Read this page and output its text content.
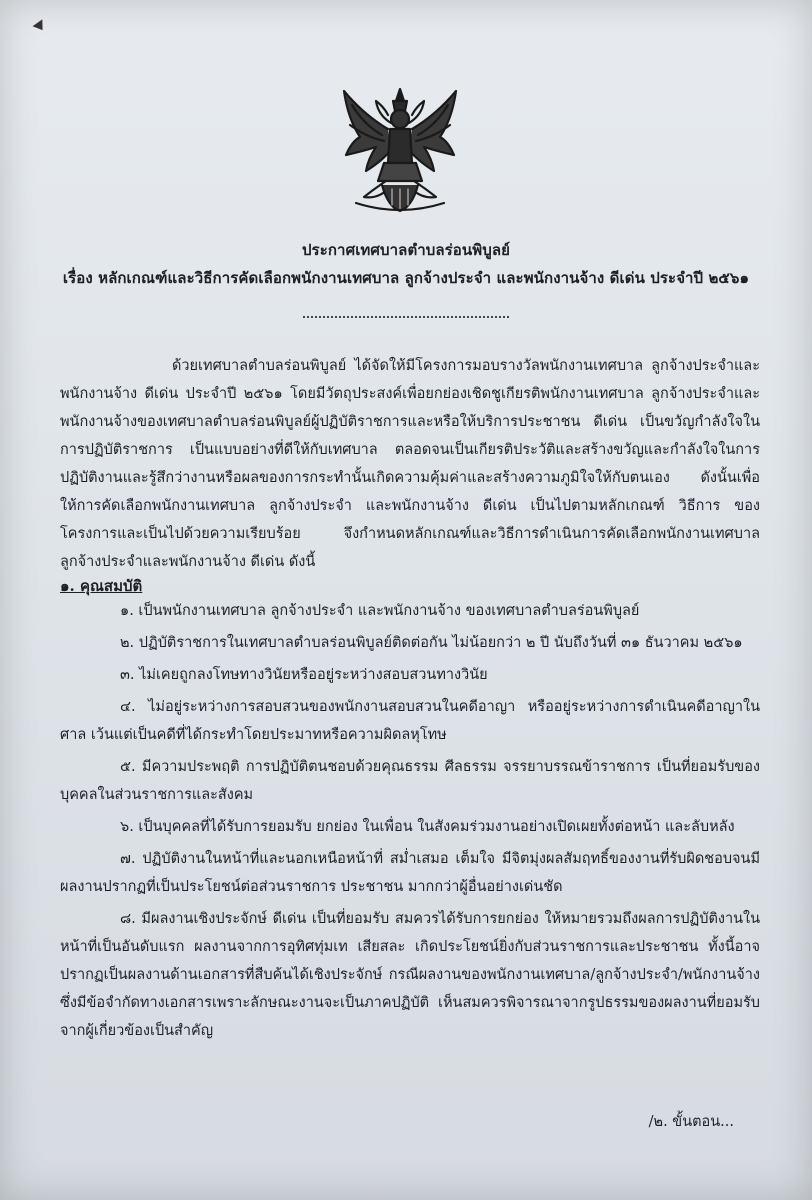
ประกาศเทศบาลตำบลร่อนพิบูลย์
เรื่อง หลักเกณฑ์และวิธีการคัดเลือกพนักงานเทศบาล ลูกจ้างประจำ และพนักงานจ้าง ดีเด่น ประจำปี ๒๕๖๑

ด้วยเทศบาลตำบลร่อนพิบูลย์ ได้จัดให้มีโครงการมอบรางวัลพนักงานเทศบาล ลูกจ้างประจำและพนักงานจ้าง ดีเด่น ประจำปี ๒๕๖๑ โดยมีวัตถุประสงค์เพื่อยกย่องเชิดชูเกียรติพนักงานเทศบาล ลูกจ้างประจำและพนักงานจ้างของเทศบาลตำบลร่อนพิบูลย์ผู้ปฏิบัติราชการและหรือให้บริการประชาชน ดีเด่น เป็นขวัญกำลังใจในการปฏิบัติราชการ เป็นแบบอย่างที่ดีให้กับเทศบาล ตลอดจนเป็นเกียรติประวัติและสร้างขวัญและกำลังใจในการปฏิบัติงานและรู้สึกว่างานหรือผลของการกระทำนั้นเกิดความคุ้มค่าและสร้างความภูมิใจให้กับตนเอง ดังนั้นเพื่อ ให้การคัดเลือกพนักงานเทศบาล ลูกจ้างประจำ และพนักงานจ้าง ดีเด่น เป็นไปตามหลักเกณฑ์ วิธีการ ของโครงการและเป็นไปด้วยความเรียบร้อย จึงกำหนดหลักเกณฑ์และวิธีการดำเนินการคัดเลือกพนักงานเทศบาล ลูกจ้างประจำและพนักงานจ้าง ดีเด่น ดังนี้

๑. คุณสมบัติ

๑. เป็นพนักงานเทศบาล ลูกจ้างประจำ และพนักงานจ้าง ของเทศบาลตำบลร่อนพิบูลย์

๒. ปฏิบัติราชการในเทศบาลตำบลร่อนพิบูลย์ติดต่อกัน ไม่น้อยกว่า ๒ ปี นับถึงวันที่ ๓๑ ธันวาคม ๒๕๖๑

๓. ไม่เคยถูกลงโทษทางวินัยหรืออยู่ระหว่างสอบสวนทางวินัย

๔. ไม่อยู่ระหว่างการสอบสวนของพนักงานสอบสวนในคดีอาญา หรืออยู่ระหว่างการดำเนินคดีอาญาในศาล เว้นแต่เป็นคดีที่ได้กระทำโดยประมาทหรือความผิดลหุโทษ

๕. มีความประพฤติ การปฏิบัติตนชอบด้วยคุณธรรม ศีลธรรม จรรยาบรรณข้าราชการ เป็นที่ยอมรับของบุคคลในส่วนราชการและสังคม

๖. เป็นบุคคลที่ได้รับการยอมรับ ยกย่อง ในเพื่อน ในสังคมร่วมงานอย่างเปิดเผยทั้งต่อหน้า และลับหลัง

๗. ปฏิบัติงานในหน้าที่และนอกเหนือหน้าที่ สม่ำเสมอ เต็มใจ มีจิตมุ่งผลสัมฤทธิ์ของงานที่รับผิดชอบจนมีผลงานปรากฏที่เป็นประโยชน์ต่อส่วนราชการ ประชาชน มากกว่าผู้อื่นอย่างเด่นชัด

๘. มีผลงานเชิงประจักษ์ ดีเด่น เป็นที่ยอมรับ สมควรได้รับการยกย่อง ให้หมายรวมถึงผลการปฏิบัติงานในหน้าที่เป็นอันดับแรก ผลงานจากการอุทิศทุ่มเท เสียสละ เกิดประโยชน์ยิ่งกับส่วนราชการและประชาชน ทั้งนี้อาจปรากฏเป็นผลงานด้านเอกสารที่สืบค้นได้เชิงประจักษ์ กรณีผลงานของพนักงานเทศบาล/ลูกจ้างประจำ/พนักงานจ้าง ซึ่งมีข้อจำกัดทางเอกสารเพราะลักษณะงานจะเป็นภาคปฏิบัติ เห็นสมควรพิจารณาจากรูปธรรมของผลงานที่ยอมรับจากผู้เกี่ยวข้องเป็นสำคัญ

/๒. ขั้นตอน...
